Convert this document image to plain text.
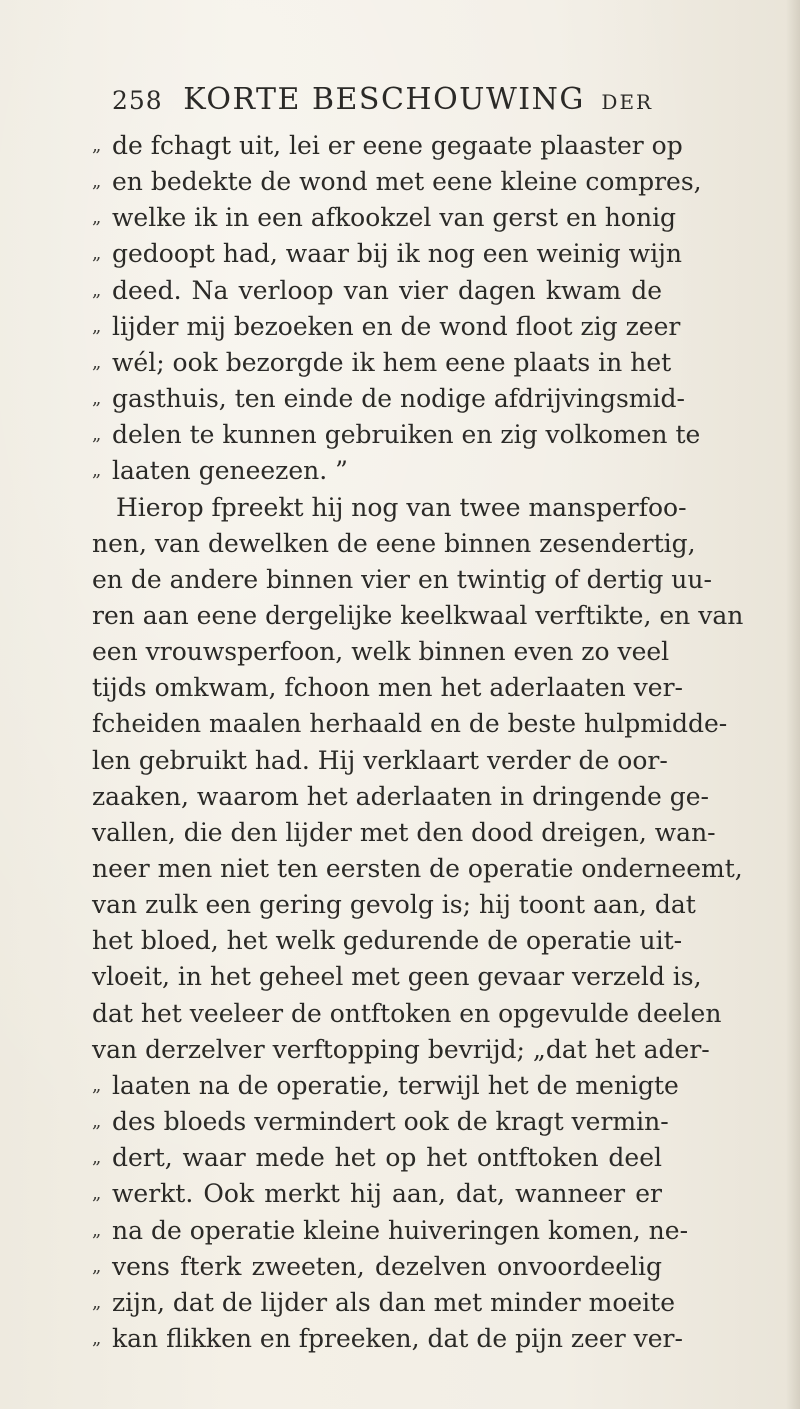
258 KORTE BESCHOUWING DER
„ de fchagt uit, lei er eene gegaate plaaster op
„ en bedekte de wond met eene kleine compres,
„ welke ik in een afkookzel van gerst en honig
„ gedoopt had, waar bij ik nog een weinig wijn
„ deed. Na verloop van vier dagen kwam de
„ lijder mij bezoeken en de wond floot zig zeer
„ wél; ook bezorgde ik hem eene plaats in het
„ gasthuis, ten einde de nodige afdrijvingsmid-
„ delen te kunnen gebruiken en zig volkomen te
„ laaten geneezen. ”
Hierop fpreekt hij nog van twee mansperfoo-
nen, van dewelken de eene binnen zesendertig,
en de andere binnen vier en twintig of dertig uu-
ren aan eene dergelijke keelkwaal verftikte, en van
een vrouwsperfoon, welk binnen even zo veel
tijds omkwam, fchoon men het aderlaaten ver-
fcheiden maalen herhaald en de beste hulpmidde-
len gebruikt had. Hij verklaart verder de oor-
zaaken, waarom het aderlaaten in dringende ge-
vallen, die den lijder met den dood dreigen, wan-
neer men niet ten eersten de operatie onderneemt,
van zulk een gering gevolg is; hij toont aan, dat
het bloed, het welk gedurende de operatie uit-
vloeit, in het geheel met geen gevaar verzeld is,
dat het veeleer de ontftoken en opgevulde deelen
van derzelver verftopping bevrijd; „dat het ader-
„ laaten na de operatie, terwijl het de menigte
„ des bloeds vermindert ook de kragt vermin-
„ dert, waar mede het op het ontftoken deel
„ werkt. Ook merkt hij aan, dat, wanneer er
„ na de operatie kleine huiveringen komen, ne-
„ vens fterk zweeten, dezelven onvoordeelig
„ zijn, dat de lijder als dan met minder moeite
„ kan flikken en fpreeken, dat de pijn zeer ver-
